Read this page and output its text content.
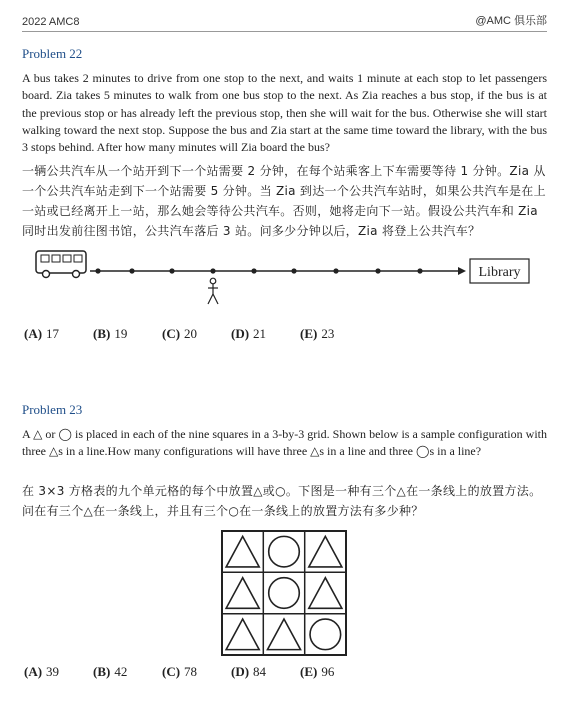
2022 AMC8	@AMC 俱乐部
Problem 22
A bus takes 2 minutes to drive from one stop to the next, and waits 1 minute at each stop to let passengers board. Zia takes 5 minutes to walk from one bus stop to the next. As Zia reaches a bus stop, if the bus is at the previous stop or has already left the previous stop, then she will wait for the bus. Otherwise she will start walking toward the next stop. Suppose the bus and Zia start at the same time toward the library, with the bus 3 stops behind. After how many minutes will Zia board the bus?
一辆公共汽车从一个站开到下一个站需要 2 分钟，在每个站乘客上下车需要等待 1 分钟。Zia 从一个公共汽车站走到下一个站需要 5 分钟。当 Zia 到达一个公共汽车站时，如果公共汽车是在上一站或已经离开上一站，那么她会等待公共汽车。否则，她将走向下一站。假设公共汽车和 Zia 同时出发前往图书馆，公共汽车落后 3 站。问多少分钟以后，Zia 将登上公共汽车？
Library
(A) 17	(B) 19	(C) 20	(D) 21	(E) 23
Problem 23
A △ or ◯ is placed in each of the nine squares in a 3-by-3 grid. Shown below is a sample configuration with three △s in a line.How many configurations will have three △s in a line and three ◯s in a line?
在 3×3 方格表的九个单元格的每个中放置△或○。下图是一种有三个△在一条线上的放置方法。问在有三个△在一条线上，并且有三个○在一条线上的放置方法有多少种？
(A) 39	(B) 42	(C) 78	(D) 84	(E) 96
